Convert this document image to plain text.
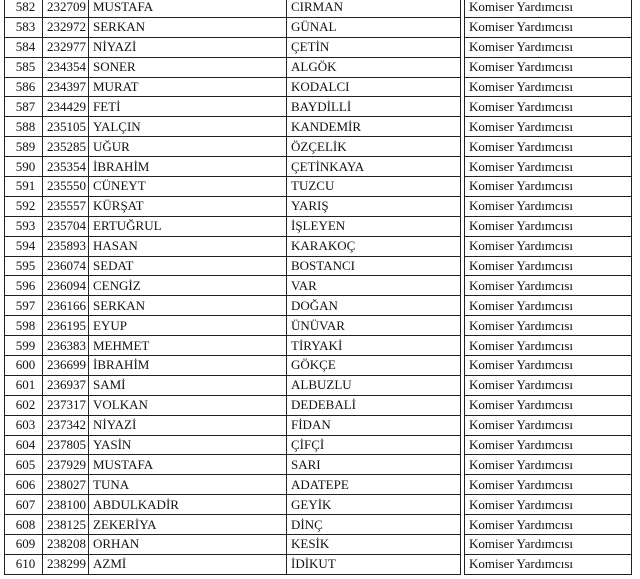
582	232709	MUSTAFA	CIRMAN		Komiser Yardımcısı
583	232972	SERKAN	GÜNAL		Komiser Yardımcısı
584	232977	NİYAZİ	ÇETİN		Komiser Yardımcısı
585	234354	SONER	ALGÖK		Komiser Yardımcısı
586	234397	MURAT	KODALCI		Komiser Yardımcısı
587	234429	FETİ	BAYDİLLİ		Komiser Yardımcısı
588	235105	YALÇIN	KANDEMİR		Komiser Yardımcısı
589	235285	UĞUR	ÖZÇELİK		Komiser Yardımcısı
590	235354	İBRAHİM	ÇETİNKAYA		Komiser Yardımcısı
591	235550	CÜNEYT	TUZCU		Komiser Yardımcısı
592	235557	KÜRŞAT	YARIŞ		Komiser Yardımcısı
593	235704	ERTUĞRUL	İŞLEYEN		Komiser Yardımcısı
594	235893	HASAN	KARAKOÇ		Komiser Yardımcısı
595	236074	SEDAT	BOSTANCI		Komiser Yardımcısı
596	236094	CENGİZ	VAR		Komiser Yardımcısı
597	236166	SERKAN	DOĞAN		Komiser Yardımcısı
598	236195	EYUP	ÜNÜVAR		Komiser Yardımcısı
599	236383	MEHMET	TİRYAKİ		Komiser Yardımcısı
600	236699	İBRAHİM	GÖKÇE		Komiser Yardımcısı
601	236937	SAMİ	ALBUZLU		Komiser Yardımcısı
602	237317	VOLKAN	DEDEBALİ		Komiser Yardımcısı
603	237342	NİYAZİ	FİDAN		Komiser Yardımcısı
604	237805	YASİN	ÇİFÇİ		Komiser Yardımcısı
605	237929	MUSTAFA	SARI		Komiser Yardımcısı
606	238027	TUNA	ADATEPE		Komiser Yardımcısı
607	238100	ABDULKADİR	GEYİK		Komiser Yardımcısı
608	238125	ZEKERİYA	DİNÇ		Komiser Yardımcısı
609	238208	ORHAN	KESİK		Komiser Yardımcısı
610	238299	AZMİ	İDİKUT		Komiser Yardımcısı
